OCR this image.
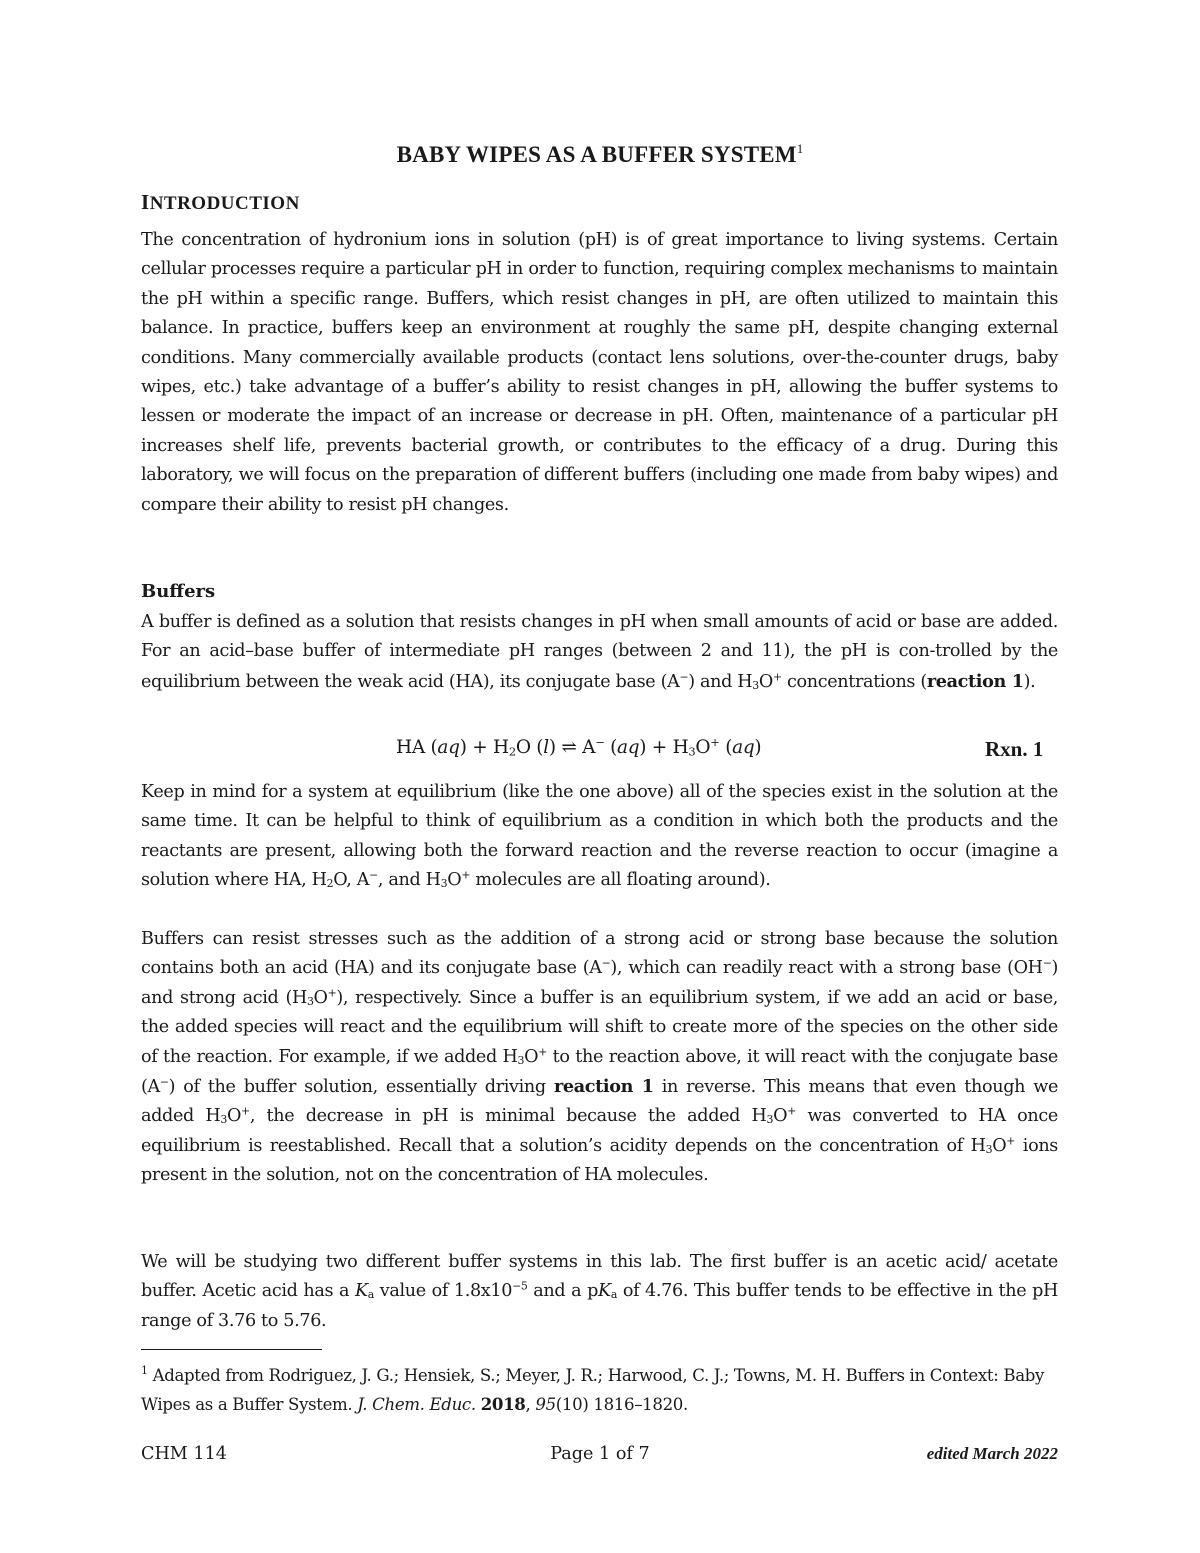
BABY WIPES AS A BUFFER SYSTEM$^1$
INTRODUCTION
The concentration of hydronium ions in solution (pH) is of great importance to living systems. Certain cellular processes require a particular pH in order to function, requiring complex mechanisms to maintain the pH within a specific range. Buffers, which resist changes in pH, are often utilized to maintain this balance. In practice, buffers keep an environment at roughly the same pH, despite changing external conditions. Many commercially available products (contact lens solutions, over-the-counter drugs, baby wipes, etc.) take advantage of a buffer’s ability to resist changes in pH, allowing the buffer systems to lessen or moderate the impact of an increase or decrease in pH. Often, maintenance of a particular pH increases shelf life, prevents bacterial growth, or contributes to the efficacy of a drug. During this laboratory, we will focus on the preparation of different buffers (including one made from baby wipes) and compare their ability to resist pH changes.
Buffers
A buffer is defined as a solution that resists changes in pH when small amounts of acid or base are added. For an acid–base buffer of intermediate pH ranges (between 2 and 11), the pH is con-trolled by the equilibrium between the weak acid (HA), its conjugate base (A−) and $H_3O^+$ concentrations (reaction 1).
HA $(aq) + H_2O$ (l) ⇌ A− $(aq) + H_3O^+$ (aq)	Rxn. 1
Keep in mind for a system at equilibrium (like the one above) all of the species exist in the solution at the same time. It can be helpful to think of equilibrium as a condition in which both the products and the reactants are present, allowing both the forward reaction and the reverse reaction to occur (imagine a solution where HA, $H_2O$, A−, and $H_3O^+$ molecules are all floating around).
Buffers can resist stresses such as the addition of a strong acid or strong base because the solution contains both an acid (HA) and its conjugate base (A−), which can readily react with a strong base (OH−) and strong acid $(H_3O^+)$, respectively. Since a buffer is an equilibrium system, if we add an acid or base, the added species will react and the equilibrium will shift to create more of the species on the other side of the reaction. For example, if we added $H_3O^+$ to the reaction above, it will react with the conjugate base (A−) of the buffer solution, essentially driving reaction 1 in reverse. This means that even though we added $H_3O^+$, the decrease in pH is minimal because the added $H_3O^+$ was converted to HA once equilibrium is reestablished. Recall that a solution’s acidity depends on the concentration of $H_3O^+$ ions present in the solution, not on the concentration of HA molecules.
We will be studying two different buffer systems in this lab. The first buffer is an acetic acid/ acetate buffer. Acetic acid has a $K_a$ value of $1.8x10^{-5}$ and a $pK_a$ of 4.76. This buffer tends to be effective in the pH range of 3.76 to 5.76.
$^1$ Adapted from Rodriguez, J. G.; Hensiek, S.; Meyer, J. R.; Harwood, C. J.; Towns, M. H. Buffers in Context: Baby Wipes as a Buffer System. J. Chem. Educ. 2018, 95(10) 1816–1820.
CHM 114	Page 1 of 7	edited March 2022
